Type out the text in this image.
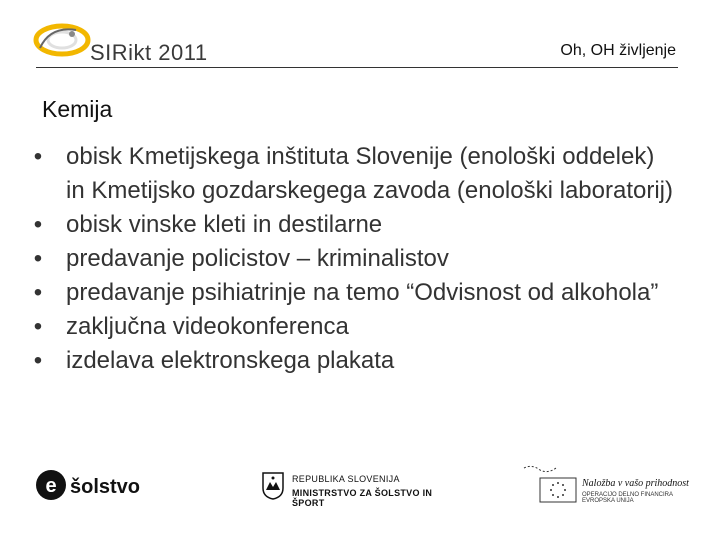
SIRikt 2011	Oh, OH življenje
Kemija
• obisk Kmetijskega inštituta Slovenije (enološki oddelek) in Kmetijsko gozdarskegega zavoda (enološki laboratorij)
• obisk vinske kleti in destilarne
• predavanje policistov – kriminalistov
• predavanje psihiatrinje na temo “Odvisnost od alkohola”
• zaključna videokonferenca
• izdelava elektronskega plakata
e šolstvo	REPUBLIKA SLOVENIJA
MINISTRSTVO ZA ŠOLSTVO IN ŠPORT
Naložba v vašo prihodnost
OPERACIJO DELNO FINANCIRA EVROPSKA UNIJA
